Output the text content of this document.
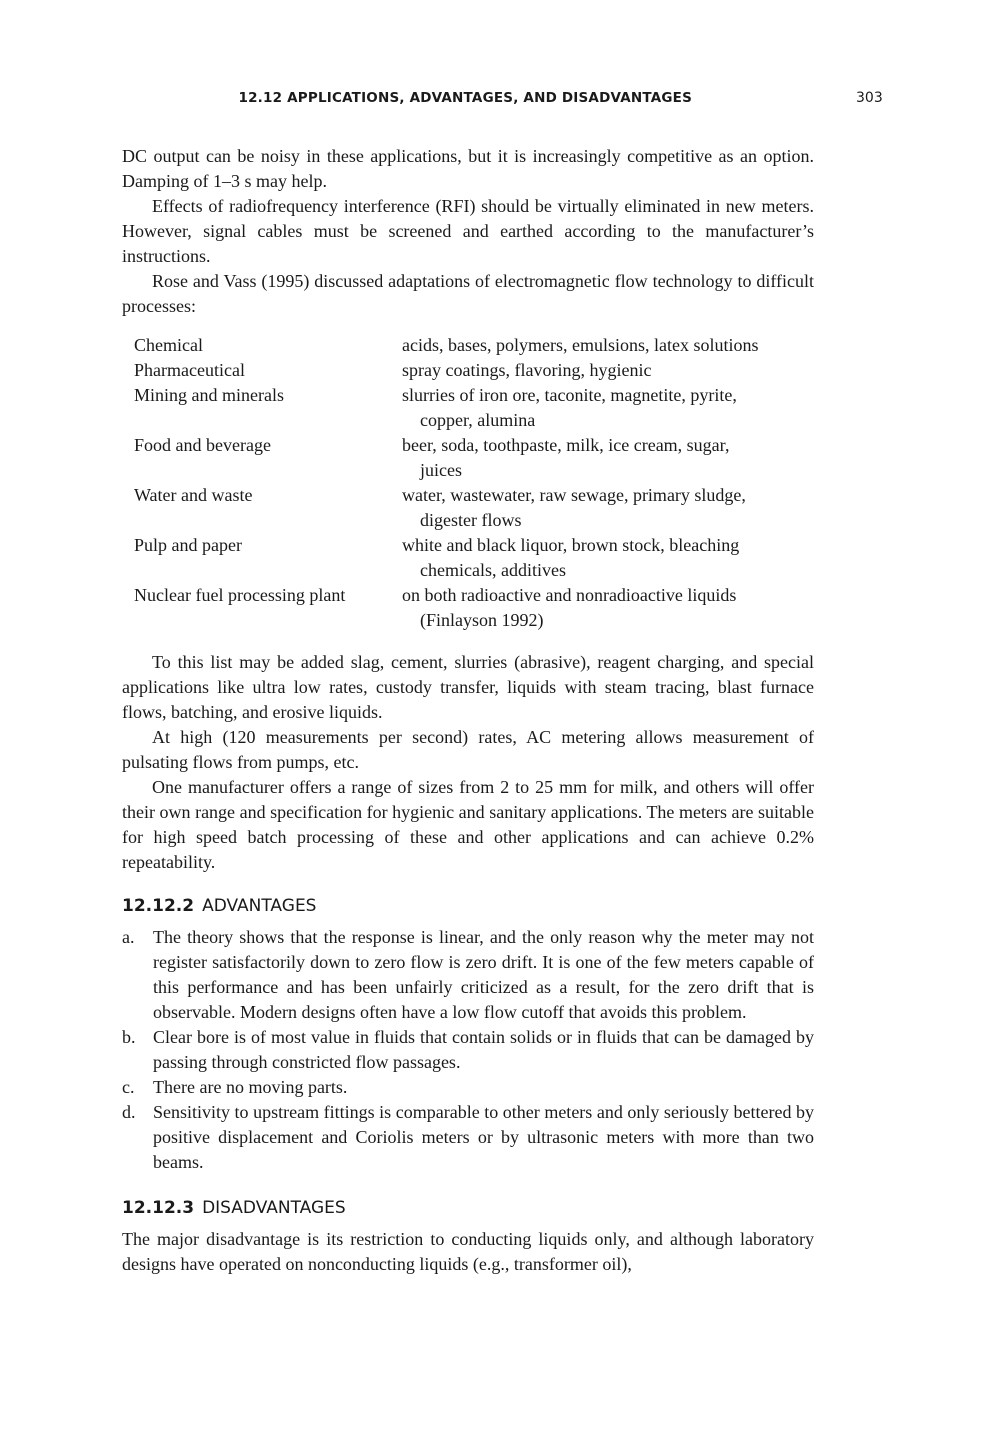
12.12 APPLICATIONS, ADVANTAGES, AND DISADVANTAGES	303

DC output can be noisy in these applications, but it is increasingly competitive as an option. Damping of 1–3 s may help.

Effects of radiofrequency interference (RFI) should be virtually eliminated in new meters. However, signal cables must be screened and earthed according to the manufacturer’s instructions.

Rose and Vass (1995) discussed adaptations of electromagnetic flow technology to difficult processes:

Chemical	acids, bases, polymers, emulsions, latex solutions
Pharmaceutical	spray coatings, flavoring, hygienic
Mining and minerals	slurries of iron ore, taconite, magnetite, pyrite, copper, alumina
Food and beverage	beer, soda, toothpaste, milk, ice cream, sugar, juices
Water and waste	water, wastewater, raw sewage, primary sludge, digester flows
Pulp and paper	white and black liquor, brown stock, bleaching chemicals, additives
Nuclear fuel processing plant	on both radioactive and nonradioactive liquids (Finlayson 1992)

To this list may be added slag, cement, slurries (abrasive), reagent charging, and special applications like ultra low rates, custody transfer, liquids with steam tracing, blast furnace flows, batching, and erosive liquids.

At high (120 measurements per second) rates, AC metering allows measurement of pulsating flows from pumps, etc.

One manufacturer offers a range of sizes from 2 to 25 mm for milk, and others will offer their own range and specification for hygienic and sanitary applications. The meters are suitable for high speed batch processing of these and other applications and can achieve 0.2% repeatability.

12.12.2 ADVANTAGES
a. The theory shows that the response is linear, and the only reason why the meter may not register satisfactorily down to zero flow is zero drift. It is one of the few meters capable of this performance and has been unfairly criticized as a result, for the zero drift that is observable. Modern designs often have a low flow cutoff that avoids this problem.
b. Clear bore is of most value in fluids that contain solids or in fluids that can be damaged by passing through constricted flow passages.
c. There are no moving parts.
d. Sensitivity to upstream fittings is comparable to other meters and only seriously bettered by positive displacement and Coriolis meters or by ultrasonic meters with more than two beams.
12.12.3 DISADVANTAGES

The major disadvantage is its restriction to conducting liquids only, and although laboratory designs have operated on nonconducting liquids (e.g., transformer oil),
